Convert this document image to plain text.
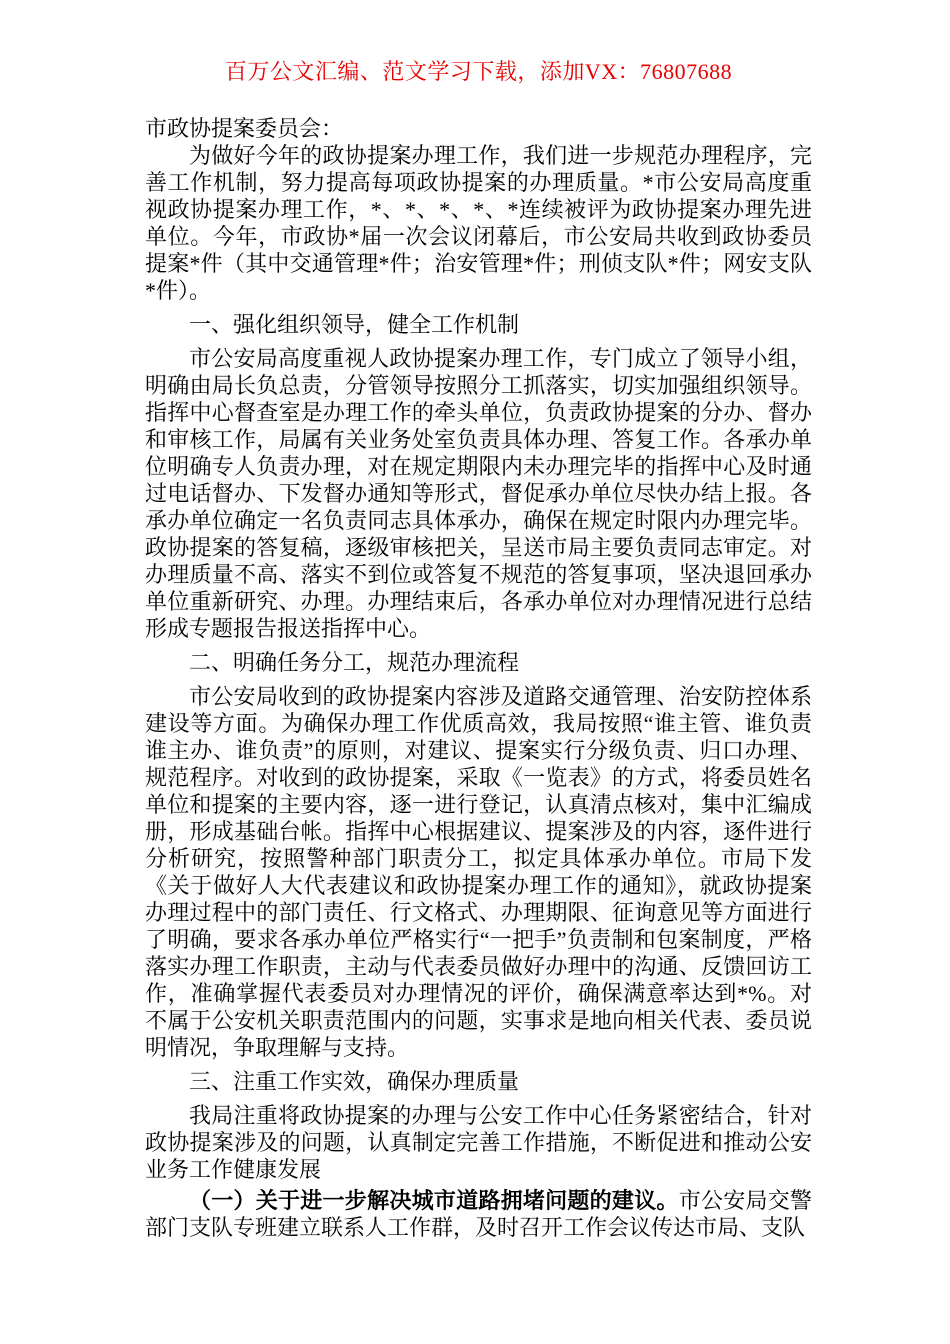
百万公文汇编、范文学习下载，添加VX：76807688

市政协提案委员会：

为做好今年的政协提案办理工作，我们进一步规范办理程序，完善工作机制，努力提高每项政协提案的办理质量。*市公安局高度重视政协提案办理工作，*、*、*、*、*连续被评为政协提案办理先进单位。今年，市政协*届一次会议闭幕后，市公安局共收到政协委员提案*件（其中交通管理*件；治安管理*件；刑侦支队*件；网安支队*件）。

一、强化组织领导，健全工作机制

市公安局高度重视人政协提案办理工作，专门成立了领导小组，明确由局长负总责，分管领导按照分工抓落实，切实加强组织领导。指挥中心督查室是办理工作的牵头单位，负责政协提案的分办、督办和审核工作，局属有关业务处室负责具体办理、答复工作。各承办单位明确专人负责办理，对在规定期限内未办理完毕的指挥中心及时通过电话督办、下发督办通知等形式，督促承办单位尽快办结上报。各承办单位确定一名负责同志具体承办，确保在规定时限内办理完毕。政协提案的答复稿，逐级审核把关，呈送市局主要负责同志审定。对办理质量不高、落实不到位或答复不规范的答复事项，坚决退回承办单位重新研究、办理。办理结束后，各承办单位对办理情况进行总结形成专题报告报送指挥中心。

二、明确任务分工，规范办理流程

市公安局收到的政协提案内容涉及道路交通管理、治安防控体系建设等方面。为确保办理工作优质高效，我局按照“谁主管、谁负责谁主办、谁负责”的原则，对建议、提案实行分级负责、归口办理、规范程序。对收到的政协提案，采取《一览表》的方式，将委员姓名单位和提案的主要内容，逐一进行登记，认真清点核对，集中汇编成册，形成基础台帐。指挥中心根据建议、提案涉及的内容，逐件进行分析研究，按照警种部门职责分工，拟定具体承办单位。市局下发《关于做好人大代表建议和政协提案办理工作的通知》，就政协提案办理过程中的部门责任、行文格式、办理期限、征询意见等方面进行了明确，要求各承办单位严格实行“一把手”负责制和包案制度，严格落实办理工作职责，主动与代表委员做好办理中的沟通、反馈回访工作，准确掌握代表委员对办理情况的评价，确保满意率达到*%。对不属于公安机关职责范围内的问题，实事求是地向相关代表、委员说明情况，争取理解与支持。

三、注重工作实效，确保办理质量

我局注重将政协提案的办理与公安工作中心任务紧密结合，针对政协提案涉及的问题，认真制定完善工作措施，不断促进和推动公安业务工作健康发展

（一）关于进一步解决城市道路拥堵问题的建议。市公安局交警部门支队专班建立联系人工作群，及时召开工作会议传达市局、支队
